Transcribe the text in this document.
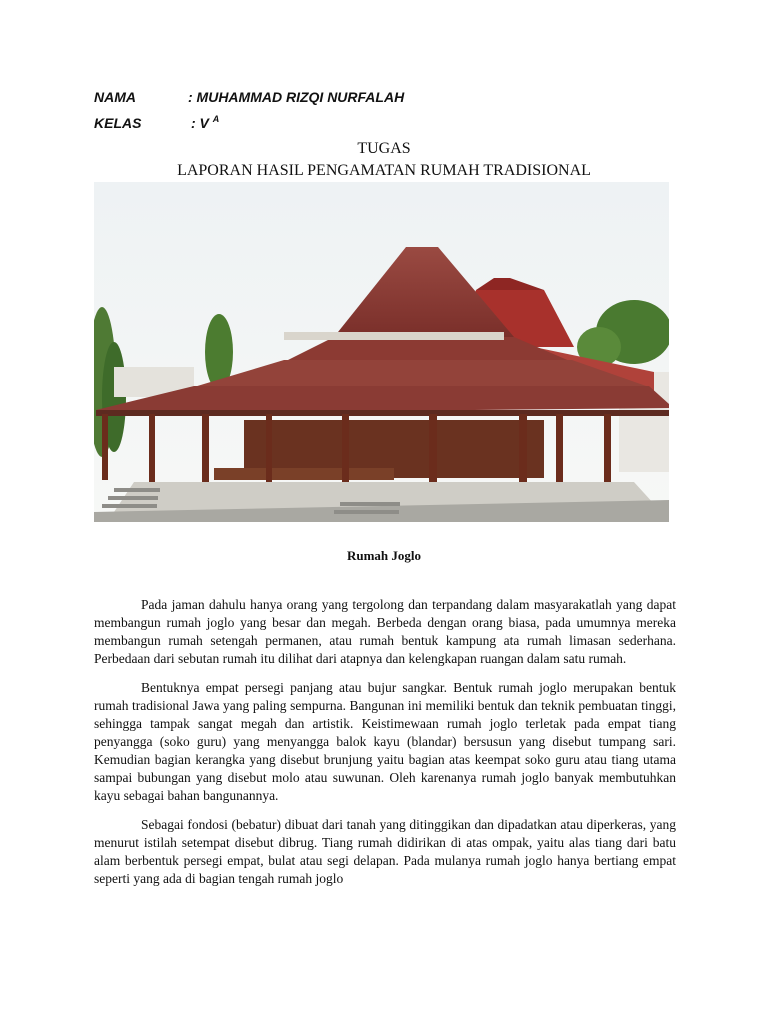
NAMA	: MUHAMMAD RIZQI NURFALAH
KELAS	: V $^A$
TUGAS
LAPORAN HASIL PENGAMATAN RUMAH TRADISIONAL
Rumah Joglo

Pada jaman dahulu hanya orang yang tergolong dan terpandang dalam masyarakatlah yang dapat membangun rumah joglo yang besar dan megah. Berbeda dengan orang biasa, pada umumnya mereka membangun rumah setengah permanen, atau rumah bentuk kampung ata rumah limasan sederhana. Perbedaan dari sebutan rumah itu dilihat dari atapnya dan kelengkapan ruangan dalam satu rumah.

Bentuknya empat persegi panjang atau bujur sangkar. Bentuk rumah joglo merupakan bentuk rumah tradisional Jawa yang paling sempurna. Bangunan ini memiliki bentuk dan teknik pembuatan tinggi, sehingga tampak sangat megah dan artistik. Keistimewaan rumah joglo terletak pada empat tiang penyangga (soko guru) yang menyangga balok kayu (blandar) bersusun yang disebut tumpang sari. Kemudian bagian kerangka yang disebut brunjung yaitu bagian atas keempat soko guru atau tiang utama sampai bubungan yang disebut molo atau suwunan. Oleh karenanya rumah joglo banyak membutuhkan kayu sebagai bahan bangunannya.

Sebagai fondosi (bebatur) dibuat dari tanah yang ditinggikan dan dipadatkan atau diperkeras, yang menurut istilah setempat disebut dibrug. Tiang rumah didirikan di atas ompak, yaitu alas tiang dari batu alam berbentuk persegi empat, bulat atau segi delapan. Pada mulanya rumah joglo hanya bertiang empat seperti yang ada di bagian tengah rumah joglo
